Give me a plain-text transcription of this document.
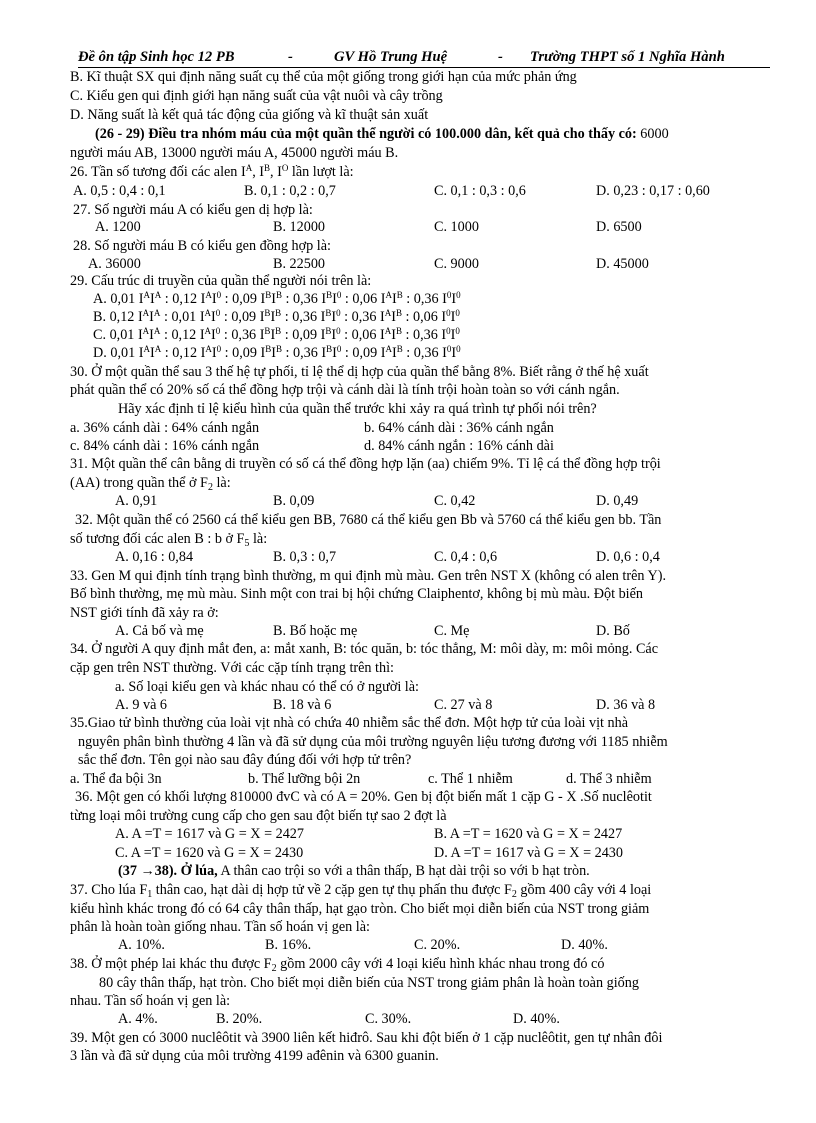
Đề ôn tập Sinh học 12 PB	-	GV Hồ Trung Huệ	- Trường THPT số 1 Nghĩa Hành
B. Kĩ thuật SX qui định năng suất cụ thể của một giống trong giới hạn của mức phản ứng
C. Kiểu gen qui định giới hạn năng suất của vật nuôi và cây trồng
D. Năng suất là kết quả tác động của giống và kĩ thuật sản xuất
(26 - 29) Điều tra nhóm máu của một quần thể người có 100.000 dân, kết quả cho thấy có: 6000
người máu AB, 13000 người máu A, 45000 người máu B.
26. Tần số tương đối các alen $I^A$, $I^B$, $I^O$ lần lượt là:
A. 0,5 : 0,4 : 0,1	B. 0,1 : 0,2 : 0,7	C. 0,1 : 0,3 : 0,6	D. 0,23 : 0,17 : 0,60
27. Số người máu A có kiểu gen dị hợp là:
A. 1200	B. 12000	C. 1000	D. 6500
28. Số người máu B có kiểu gen đồng hợp là:
A. 36000	B. 22500	C. 9000	D. 45000
29. Cấu trúc di truyền của quần thể người nói trên là:
A. 0,01 $I^AI^A$ : 0,12 $I^AI^0$ : 0,09 $I^BI^B$ : 0,36 $I^BI^0$ : 0,06 $I^AI^B$ : 0,36 $I^0I^0$
B. 0,12 $I^AI^A$ : 0,01 $I^AI^0$ : 0,09 $I^BI^B$ : 0,36 $I^BI^0$ : 0,36 $I^AI^B$ : 0,06 $I^0I^0$
C. 0,01 $I^AI^A$ : 0,12 $I^AI^0$ : 0,36 $I^BI^B$ : 0,09 $I^BI^0$ : 0,06 $I^AI^B$ : 0,36 $I^0I^0$
D. 0,01 $I^AI^A$ : 0,12 $I^AI^0$ : 0,09 $I^BI^B$ : 0,36 $I^BI^0$ : 0,09 $I^AI^B$ : 0,36 $I^0I^0$
30. Ở một quần thể sau 3 thế hệ tự phối, tỉ lệ thể dị hợp của quần thể bằng 8%. Biết rằng ở thế hệ xuất
phát quần thể có 20% số cá thể đồng hợp trội và cánh dài là tính trội hoàn toàn so với cánh ngắn.
Hãy xác định tỉ lệ kiểu hình của quần thể trước khi xảy ra quá trình tự phối nói trên?
a. 36% cánh dài : 64% cánh ngắn	b. 64% cánh dài : 36% cánh ngắn
c. 84% cánh dài : 16% cánh ngắn	d. 84% cánh ngắn : 16% cánh dài
31. Một quần thể cân bằng di truyền có số cá thể đồng hợp lặn (aa) chiếm 9%. Tỉ lệ cá thể đồng hợp trội
(AA) trong quần thể ở $F_2$ là:
A. 0,91	B. 0,09	C. 0,42	D. 0,49
32. Một quần thể có 2560 cá thể kiểu gen BB, 7680 cá thể kiểu gen Bb và 5760 cá thể kiểu gen bb. Tần
số tương đối các alen B : b ở $F_5$ là:
A. 0,16 : 0,84	B. 0,3 : 0,7	C. 0,4 : 0,6	D. 0,6 : 0,4
33. Gen M qui định tính trạng bình thường, m qui định mù màu. Gen trên NST X (không có alen trên Y).
Bố bình thường, mẹ mù màu. Sinh một con trai bị hội chứng Claiphentơ, không bị mù màu. Đột biến
NST giới tính đã xảy ra ở:
A. Cả bố và mẹ	B. Bố hoặc mẹ	C. Mẹ	D. Bố
34. Ở người A quy định mắt đen, a: mắt xanh, B: tóc quăn, b: tóc thẳng, M: môi dày, m: môi mỏng. Các
cặp gen trên NST thường. Với các cặp tính trạng trên thì:
a. Số loại kiểu gen và khác nhau có thể có ở người là:
A. 9 và 6	B. 18 và 6	C. 27 và 8	D. 36 và 8
35.Giao tử bình thường của loài vịt nhà có chứa 40 nhiễm sắc thể đơn. Một hợp tử của loài vịt nhà
nguyên phân bình thường 4 lần và đã sử dụng của môi trường nguyên liệu tương đương với 1185 nhiễm
sắc thể đơn. Tên gọi nào sau đây đúng đối với hợp tử trên?
a. Thể đa bội 3n	b. Thể lưỡng bội 2n	c. Thể 1 nhiễm	d. Thể 3 nhiễm
36. Một gen có khối lượng 810000 đvC và có A = 20%. Gen bị đột biến mất 1 cặp G - X .Số nuclêotit
từng loại môi trường cung cấp cho gen sau đột biến tự sao 2 đợt là
A. A =T = 1617 và G = X = 2427	B. A =T = 1620 và G = X = 2427
C. A =T = 1620 và G = X = 2430	D. A =T = 1617 và G = X = 2430
(37 →38). Ở lúa, A thân cao trội so với a thân thấp, B hạt dài trội so với b hạt tròn.
37. Cho lúa $F_1$ thân cao, hạt dài dị hợp tử về 2 cặp gen tự thụ phấn thu được $F_2$ gồm 400 cây với 4 loại
kiểu hình khác trong đó có 64 cây thân thấp, hạt gạo tròn. Cho biết mọi diễn biến của NST trong giảm
phân là hoàn toàn giống nhau. Tần số hoán vị gen là:
A. 10%.	B. 16%.	C. 20%.	D. 40%.
38. Ở một phép lai khác thu được $F_2$ gồm 2000 cây với 4 loại kiểu hình khác nhau trong đó có
80 cây thân thấp, hạt tròn. Cho biết mọi diễn biến của NST trong giảm phân là hoàn toàn giống
nhau. Tần số hoán vị gen là:
A. 4%.	B. 20%.	C. 30%.	D. 40%.
39. Một gen có 3000 nuclêôtit và 3900 liên kết hiđrô. Sau khi đột biến ở 1 cặp nuclêôtit, gen tự nhân đôi
3 lần và đã sử dụng của môi trường 4199 ađênin và 6300 guanin.
